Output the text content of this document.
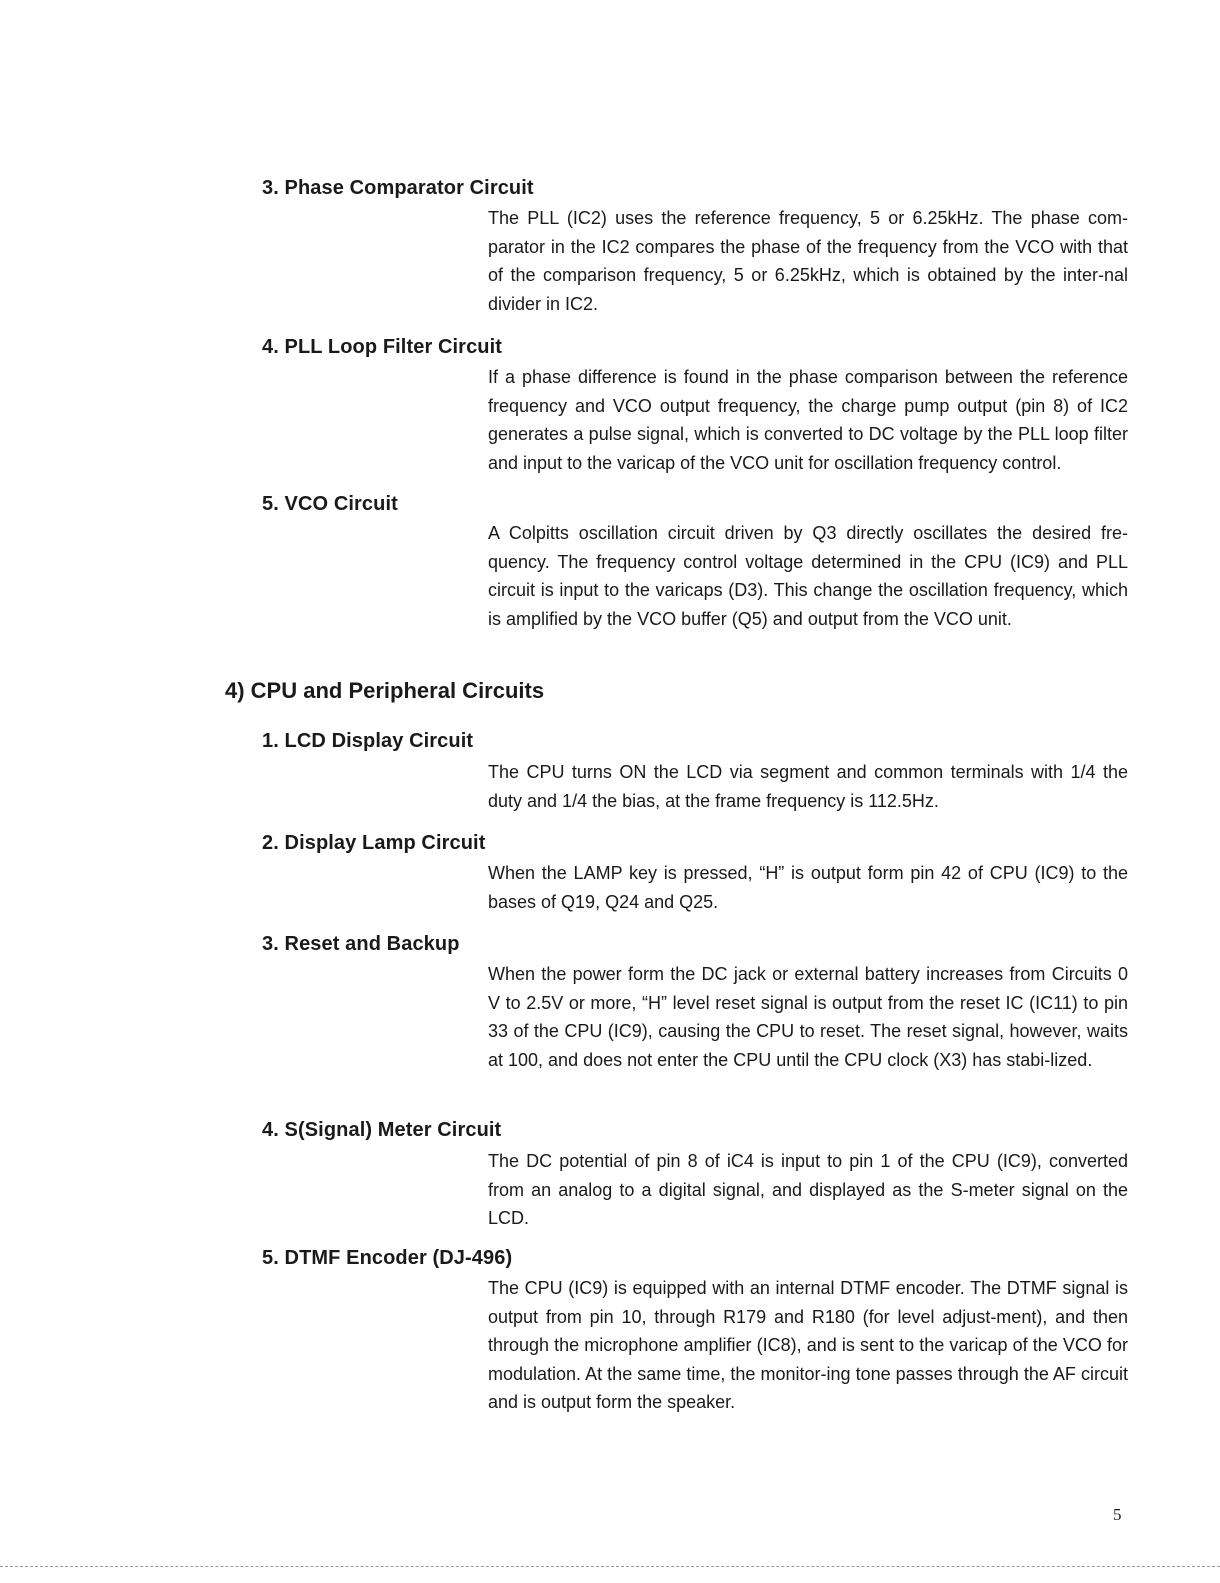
3. Phase Comparator Circuit

The PLL (IC2) uses the reference frequency, 5 or 6.25kHz. The phase com-parator in the IC2 compares the phase of the frequency from the VCO with that of the comparison frequency, 5 or 6.25kHz, which is obtained by the inter-nal divider in IC2.

4. PLL Loop Filter Circuit

If a phase difference is found in the phase comparison between the reference frequency and VCO output frequency, the charge pump output (pin 8) of IC2 generates a pulse signal, which is converted to DC voltage by the PLL loop filter and input to the varicap of the VCO unit for oscillation frequency control.

5. VCO Circuit

A Colpitts oscillation circuit driven by Q3 directly oscillates the desired fre-quency. The frequency control voltage determined in the CPU (IC9) and PLL circuit is input to the varicaps (D3). This change the oscillation frequency, which is amplified by the VCO buffer (Q5) and output from the VCO unit.

4) CPU and Peripheral Circuits
1. LCD Display Circuit

The CPU turns ON the LCD via segment and common terminals with 1/4 the duty and 1/4 the bias, at the frame frequency is 112.5Hz.

2. Display Lamp Circuit

When the LAMP key is pressed, “H” is output form pin 42 of CPU (IC9) to the bases of Q19, Q24 and Q25.

3. Reset and Backup

When the power form the DC jack or external battery increases from Circuits 0 V to 2.5V or more, “H” level reset signal is output from the reset IC (IC11) to pin 33 of the CPU (IC9), causing the CPU to reset. The reset signal, however, waits at 100, and does not enter the CPU until the CPU clock (X3) has stabi-lized.

4. S(Signal) Meter Circuit

The DC potential of pin 8 of iC4 is input to pin 1 of the CPU (IC9), converted from an analog to a digital signal, and displayed as the S-meter signal on the LCD.

5. DTMF Encoder (DJ-496)

The CPU (IC9) is equipped with an internal DTMF encoder. The DTMF signal is output from pin 10, through R179 and R180 (for level adjust-ment), and then through the microphone amplifier (IC8), and is sent to the varicap of the VCO for modulation. At the same time, the monitor-ing tone passes through the AF circuit and is output form the speaker.

5
